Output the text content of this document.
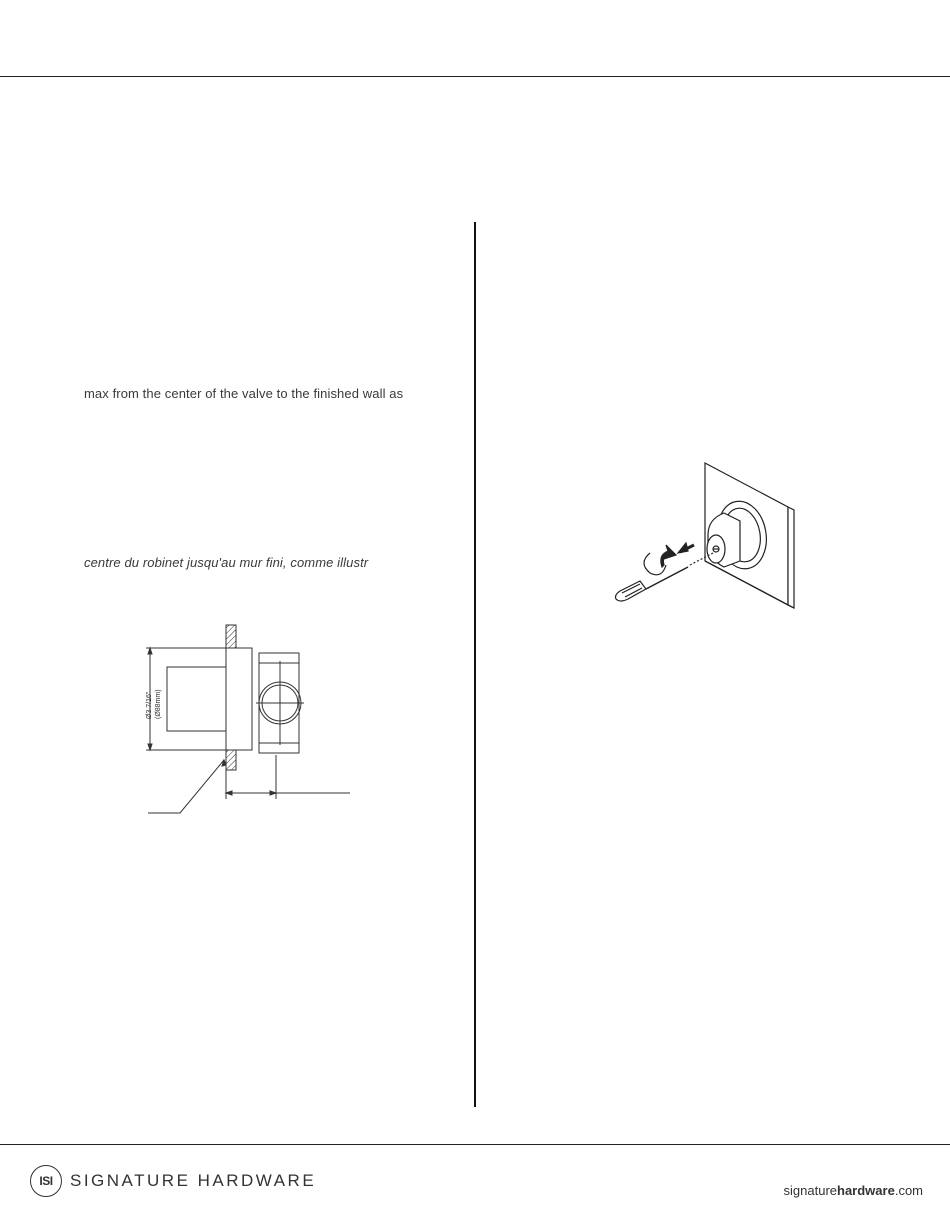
max from the center of the valve to the finished wall as
centre du robinet jusqu'au mur fini, comme illustr
Ø3 7/16" (Ø88mm)
ISI	SIGNATURE HARDWARE
signaturehardware.com
